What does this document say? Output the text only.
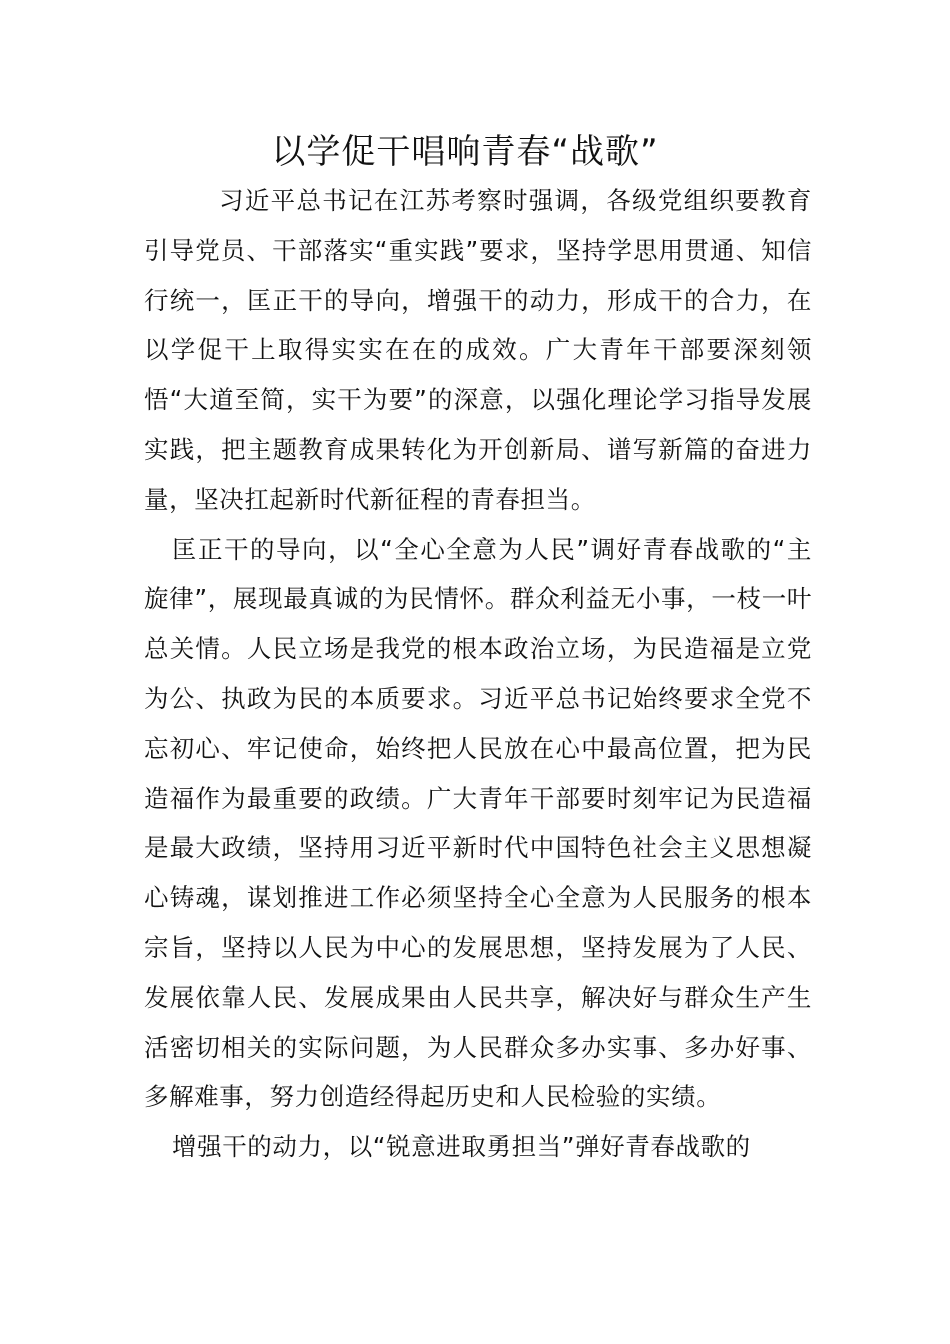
以学促干唱响青春“战歌”

习近平总书记在江苏考察时强调，各级党组织要教育引导党员、干部落实“重实践”要求，坚持学思用贯通、知信行统一，匡正干的导向，增强干的动力，形成干的合力，在以学促干上取得实实在在的成效。广大青年干部要深刻领悟“大道至简，实干为要”的深意，以强化理论学习指导发展实践，把主题教育成果转化为开创新局、谱写新篇的奋进力量，坚决扛起新时代新征程的青春担当。

匡正干的导向，以“全心全意为人民”调好青春战歌的“主旋律”，展现最真诚的为民情怀。群众利益无小事，一枝一叶总关情。人民立场是我党的根本政治立场，为民造福是立党为公、执政为民的本质要求。习近平总书记始终要求全党不忘初心、牢记使命，始终把人民放在心中最高位置，把为民造福作为最重要的政绩。广大青年干部要时刻牢记为民造福是最大政绩，坚持用习近平新时代中国特色社会主义思想凝心铸魂，谋划推进工作必须坚持全心全意为人民服务的根本宗旨，坚持以人民为中心的发展思想，坚持发展为了人民、发展依靠人民、发展成果由人民共享，解决好与群众生产生活密切相关的实际问题，为人民群众多办实事、多办好事、多解难事，努力创造经得起历史和人民检验的实绩。

增强干的动力，以“锐意进取勇担当”弹好青春战歌的
